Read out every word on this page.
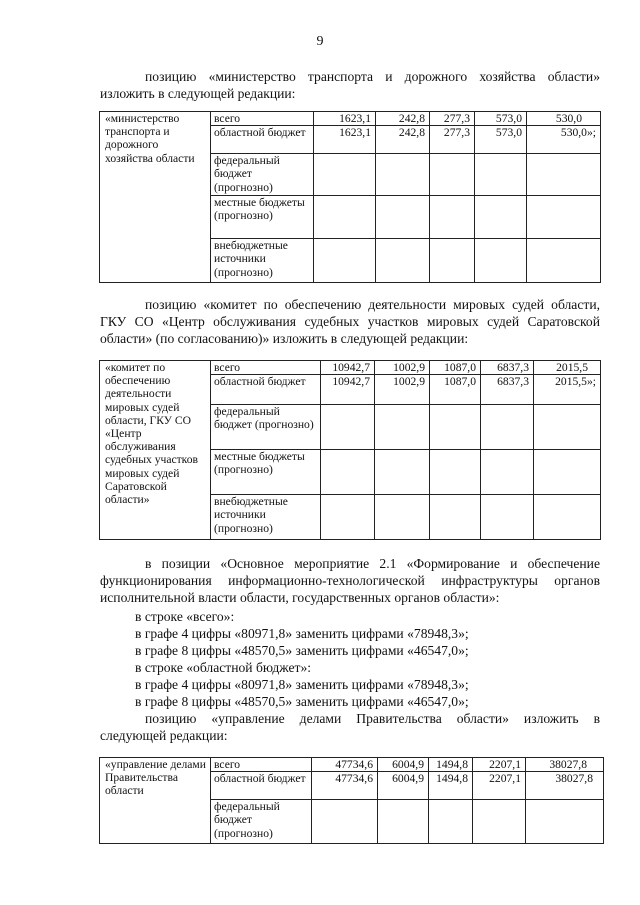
9

позицию «министерство транспорта и дорожного хозяйства области» изложить в следующей редакции:

«министерство транспорта и дорожного хозяйства области	всего	1623,1	242,8	277,3	573,0	530,0
	областной бюджет	1623,1	242,8	277,3	573,0	530,0»;
	федеральный бюджет (прогнозно)					
	местные бюджеты (прогнозно)					
	внебюджетные источники (прогнозно)					

позицию «комитет по обеспечению деятельности мировых судей области, ГКУ СО «Центр обслуживания судебных участков мировых судей Саратовской области» (по согласованию)» изложить в следующей редакции:

«комитет по обеспечению деятельности мировых судей области, ГКУ СО «Центр обслуживания судебных участков мировых судей Саратовской области»	всего	10942,7	1002,9	1087,0	6837,3	2015,5
	областной бюджет	10942,7	1002,9	1087,0	6837,3	2015,5»;
	федеральный бюджет (прогнозно)					
	местные бюджеты (прогнозно)					
	внебюджетные источники (прогнозно)					

в позиции «Основное мероприятие 2.1 «Формирование и обеспечение функционирования информационно-технологической инфраструктуры органов исполнительной власти области, государственных органов области»:

в строке «всего»:
в графе 4 цифры «80971,8» заменить цифрами «78948,3»;
в графе 8 цифры «48570,5» заменить цифрами «46547,0»;
в строке «областной бюджет»:
в графе 4 цифры «80971,8» заменить цифрами «78948,3»;
в графе 8 цифры «48570,5» заменить цифрами «46547,0»;

позицию «управление делами Правительства области» изложить в следующей редакции:

«управление делами Правительства области	всего	47734,6	6004,9	1494,8	2207,1	38027,8
	областной бюджет	47734,6	6004,9	1494,8	2207,1	38027,8
	федеральный бюджет (прогнозно)					
